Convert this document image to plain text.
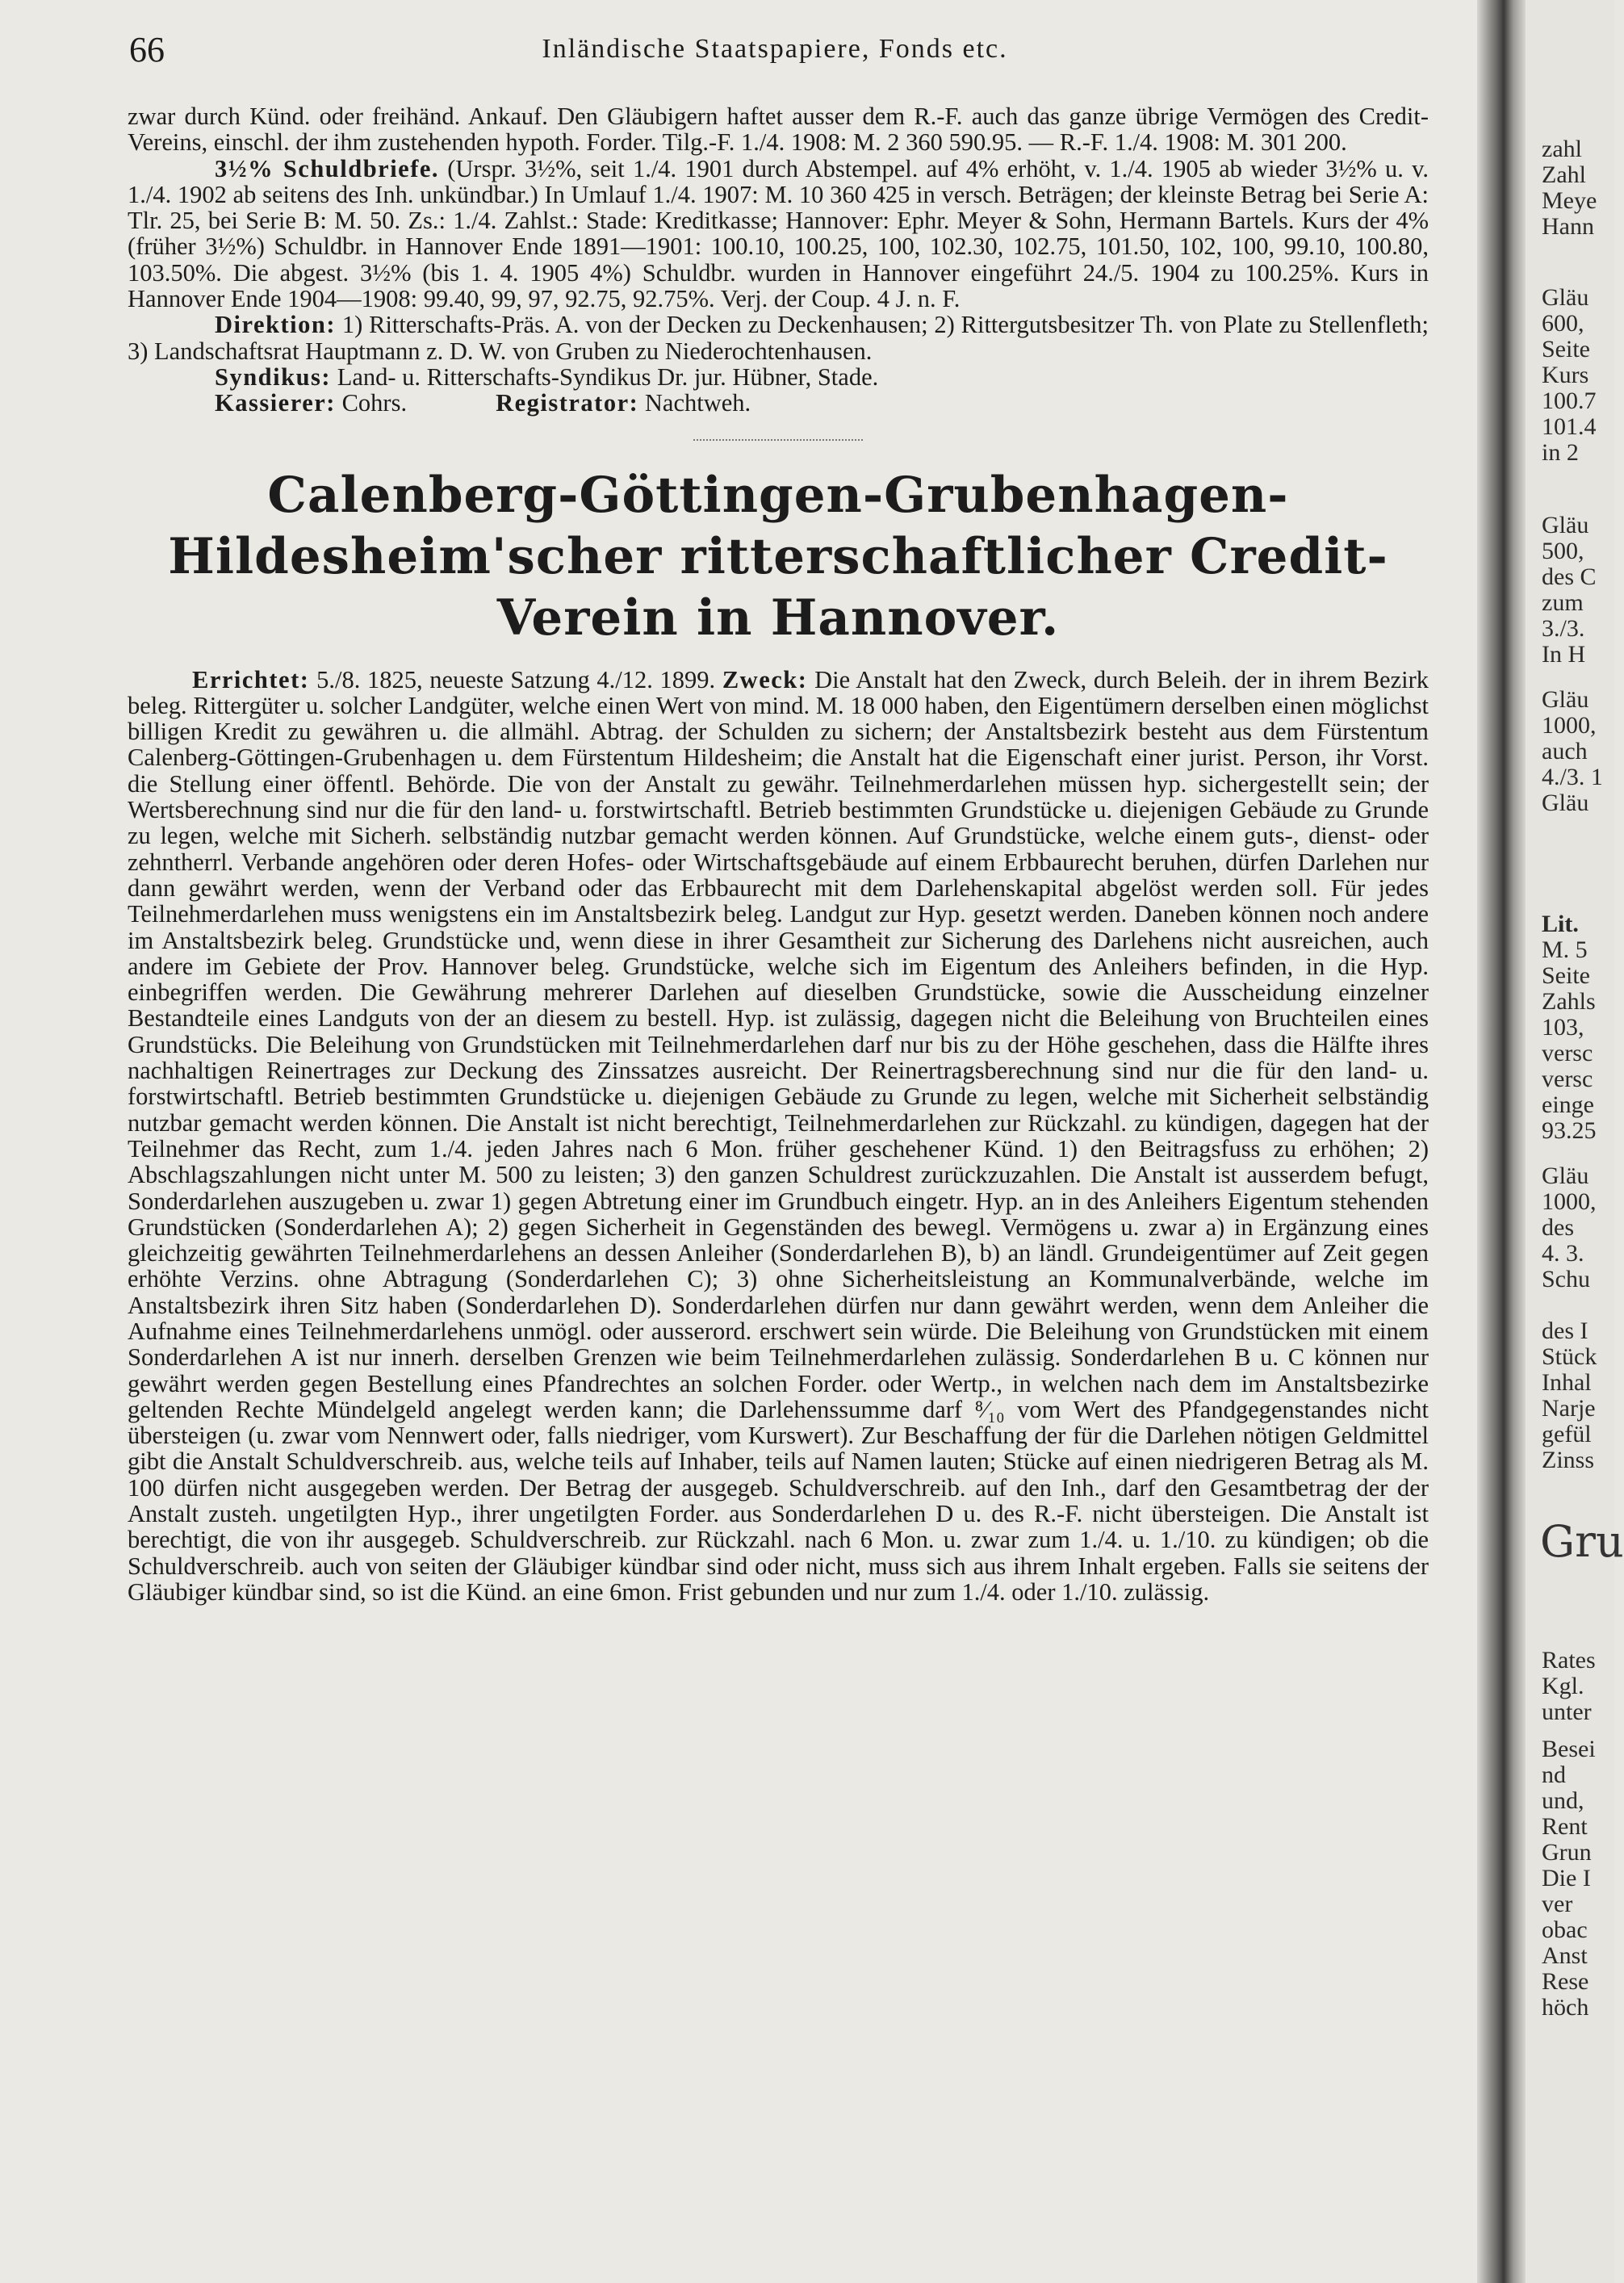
66	Inländische Staatspapiere, Fonds etc.

zwar durch Künd. oder freihänd. Ankauf. Den Gläubigern haftet ausser dem R.-F. auch das ganze übrige Vermögen des Credit-Vereins, einschl. der ihm zustehenden hypoth. Forder. Tilg.-F. 1./4. 1908: M. 2 360 590.95. — R.-F. 1./4. 1908: M. 301 200.

3½% Schuldbriefe. (Urspr. 3½%, seit 1./4. 1901 durch Abstempel. auf 4% erhöht, v. 1./4. 1905 ab wieder 3½% u. v. 1./4. 1902 ab seitens des Inh. unkündbar.) In Umlauf 1./4. 1907: M. 10 360 425 in versch. Beträgen; der kleinste Betrag bei Serie A: Tlr. 25, bei Serie B: M. 50. Zs.: 1./4. Zahlst.: Stade: Kreditkasse; Hannover: Ephr. Meyer & Sohn, Hermann Bartels. Kurs der 4% (früher 3½%) Schuldbr. in Hannover Ende 1891—1901: 100.10, 100.25, 100, 102.30, 102.75, 101.50, 102, 100, 99.10, 100.80, 103.50%. Die abgest. 3½% (bis 1. 4. 1905 4%) Schuldbr. wurden in Hannover eingeführt 24./5. 1904 zu 100.25%. Kurs in Hannover Ende 1904—1908: 99.40, 99, 97, 92.75, 92.75%. Verj. der Coup. 4 J. n. F.

Direktion: 1) Ritterschafts-Präs. A. von der Decken zu Deckenhausen; 2) Rittergutsbesitzer Th. von Plate zu Stellenfleth; 3) Landschaftsrat Hauptmann z. D. W. von Gruben zu Niederochtenhausen.

Syndikus: Land- u. Ritterschafts-Syndikus Dr. jur. Hübner, Stade.

Kassierer: Cohrs.	Registrator: Nachtweh.

Calenberg-Göttingen-Grubenhagen-Hildesheim'scher ritterschaftlicher Credit-Verein in Hannover.

Errichtet: 5./8. 1825, neueste Satzung 4./12. 1899. Zweck: Die Anstalt hat den Zweck, durch Beleih. der in ihrem Bezirk beleg. Rittergüter u. solcher Landgüter, welche einen Wert von mind. M. 18 000 haben, den Eigentümern derselben einen möglichst billigen Kredit zu gewähren u. die allmähl. Abtrag. der Schulden zu sichern; der Anstaltsbezirk besteht aus dem Fürstentum Calenberg-Göttingen-Grubenhagen u. dem Fürstentum Hildesheim; die Anstalt hat die Eigenschaft einer jurist. Person, ihr Vorst. die Stellung einer öffentl. Behörde. Die von der Anstalt zu gewähr. Teilnehmerdarlehen müssen hyp. sichergestellt sein; der Wertsberechnung sind nur die für den land- u. forstwirtschaftl. Betrieb bestimmten Grundstücke u. diejenigen Gebäude zu Grunde zu legen, welche mit Sicherh. selbständig nutzbar gemacht werden können. Auf Grundstücke, welche einem guts-, dienst- oder zehntherrl. Verbande angehören oder deren Hofes- oder Wirtschaftsgebäude auf einem Erbbaurecht beruhen, dürfen Darlehen nur dann gewährt werden, wenn der Verband oder das Erbbaurecht mit dem Darlehenskapital abgelöst werden soll. Für jedes Teilnehmerdarlehen muss wenigstens ein im Anstaltsbezirk beleg. Landgut zur Hyp. gesetzt werden. Daneben können noch andere im Anstaltsbezirk beleg. Grundstücke und, wenn diese in ihrer Gesamtheit zur Sicherung des Darlehens nicht ausreichen, auch andere im Gebiete der Prov. Hannover beleg. Grundstücke, welche sich im Eigentum des Anleihers befinden, in die Hyp. einbegriffen werden. Die Gewährung mehrerer Darlehen auf dieselben Grundstücke, sowie die Ausscheidung einzelner Bestandteile eines Landguts von der an diesem zu bestell. Hyp. ist zulässig, dagegen nicht die Beleihung von Bruchteilen eines Grundstücks. Die Beleihung von Grundstücken mit Teilnehmerdarlehen darf nur bis zu der Höhe geschehen, dass die Hälfte ihres nachhaltigen Reinertrages zur Deckung des Zinssatzes ausreicht. Der Reinertragsberechnung sind nur die für den land- u. forstwirtschaftl. Betrieb bestimmten Grundstücke u. diejenigen Gebäude zu Grunde zu legen, welche mit Sicherheit selbständig nutzbar gemacht werden können. Die Anstalt ist nicht berechtigt, Teilnehmerdarlehen zur Rückzahl. zu kündigen, dagegen hat der Teilnehmer das Recht, zum 1./4. jeden Jahres nach 6 Mon. früher geschehener Künd. 1) den Beitragsfuss zu erhöhen; 2) Abschlagszahlungen nicht unter M. 500 zu leisten; 3) den ganzen Schuldrest zurückzuzahlen. Die Anstalt ist ausserdem befugt, Sonderdarlehen auszugeben u. zwar 1) gegen Abtretung einer im Grundbuch eingetr. Hyp. an in des Anleihers Eigentum stehenden Grundstücken (Sonderdarlehen A); 2) gegen Sicherheit in Gegenständen des bewegl. Vermögens u. zwar a) in Ergänzung eines gleichzeitig gewährten Teilnehmerdarlehens an dessen Anleiher (Sonderdarlehen B), b) an ländl. Grundeigentümer auf Zeit gegen erhöhte Verzins. ohne Abtragung (Sonderdarlehen C); 3) ohne Sicherheitsleistung an Kommunalverbände, welche im Anstaltsbezirk ihren Sitz haben (Sonderdarlehen D). Sonderdarlehen dürfen nur dann gewährt werden, wenn dem Anleiher die Aufnahme eines Teilnehmerdarlehens unmögl. oder ausserord. erschwert sein würde. Die Beleihung von Grundstücken mit einem Sonderdarlehen A ist nur innerh. derselben Grenzen wie beim Teilnehmerdarlehen zulässig. Sonderdarlehen B u. C können nur gewährt werden gegen Bestellung eines Pfandrechtes an solchen Forder. oder Wertp., in welchen nach dem im Anstaltsbezirke geltenden Rechte Mündelgeld angelegt werden kann; die Darlehenssumme darf ⁸⁄₁₀ vom Wert des Pfandgegenstandes nicht übersteigen (u. zwar vom Nennwert oder, falls niedriger, vom Kurswert). Zur Beschaffung der für die Darlehen nötigen Geldmittel gibt die Anstalt Schuldverschreib. aus, welche teils auf Inhaber, teils auf Namen lauten; Stücke auf einen niedrigeren Betrag als M. 100 dürfen nicht ausgegeben werden. Der Betrag der ausgegeb. Schuldverschreib. auf den Inh., darf den Gesamtbetrag der der Anstalt zusteh. ungetilgten Hyp., ihrer ungetilgten Forder. aus Sonderdarlehen D u. des R.-F. nicht übersteigen. Die Anstalt ist berechtigt, die von ihr ausgegeb. Schuldverschreib. zur Rückzahl. nach 6 Mon. u. zwar zum 1./4. u. 1./10. zu kündigen; ob die Schuldverschreib. auch von seiten der Gläubiger kündbar sind oder nicht, muss sich aus ihrem Inhalt ergeben. Falls sie seitens der Gläubiger kündbar sind, so ist die Künd. an eine 6mon. Frist gebunden und nur zum 1./4. oder 1./10. zulässig.

zahl
Zahl
Meye
Hann
Gläu
600,
Seite
Kurs
100.7
101.4
in 2
Gläu
500,
des C
zum
3./3.
In H
Gläu
1000,
auch
4./3. 1
Gläu
Lit.
M. 5
Seite
Zahls
103,
versc
versc
einge
93.25
Gläu
1000,
des
4. 3.
Schu
des I
Stück
Inhal
Narje
gefül
Zinss
Gru
Rates
Kgl.
unter
Besei
nd
und,
Rent
Grun
Die I
ver
obac
Anst
Rese
höch
